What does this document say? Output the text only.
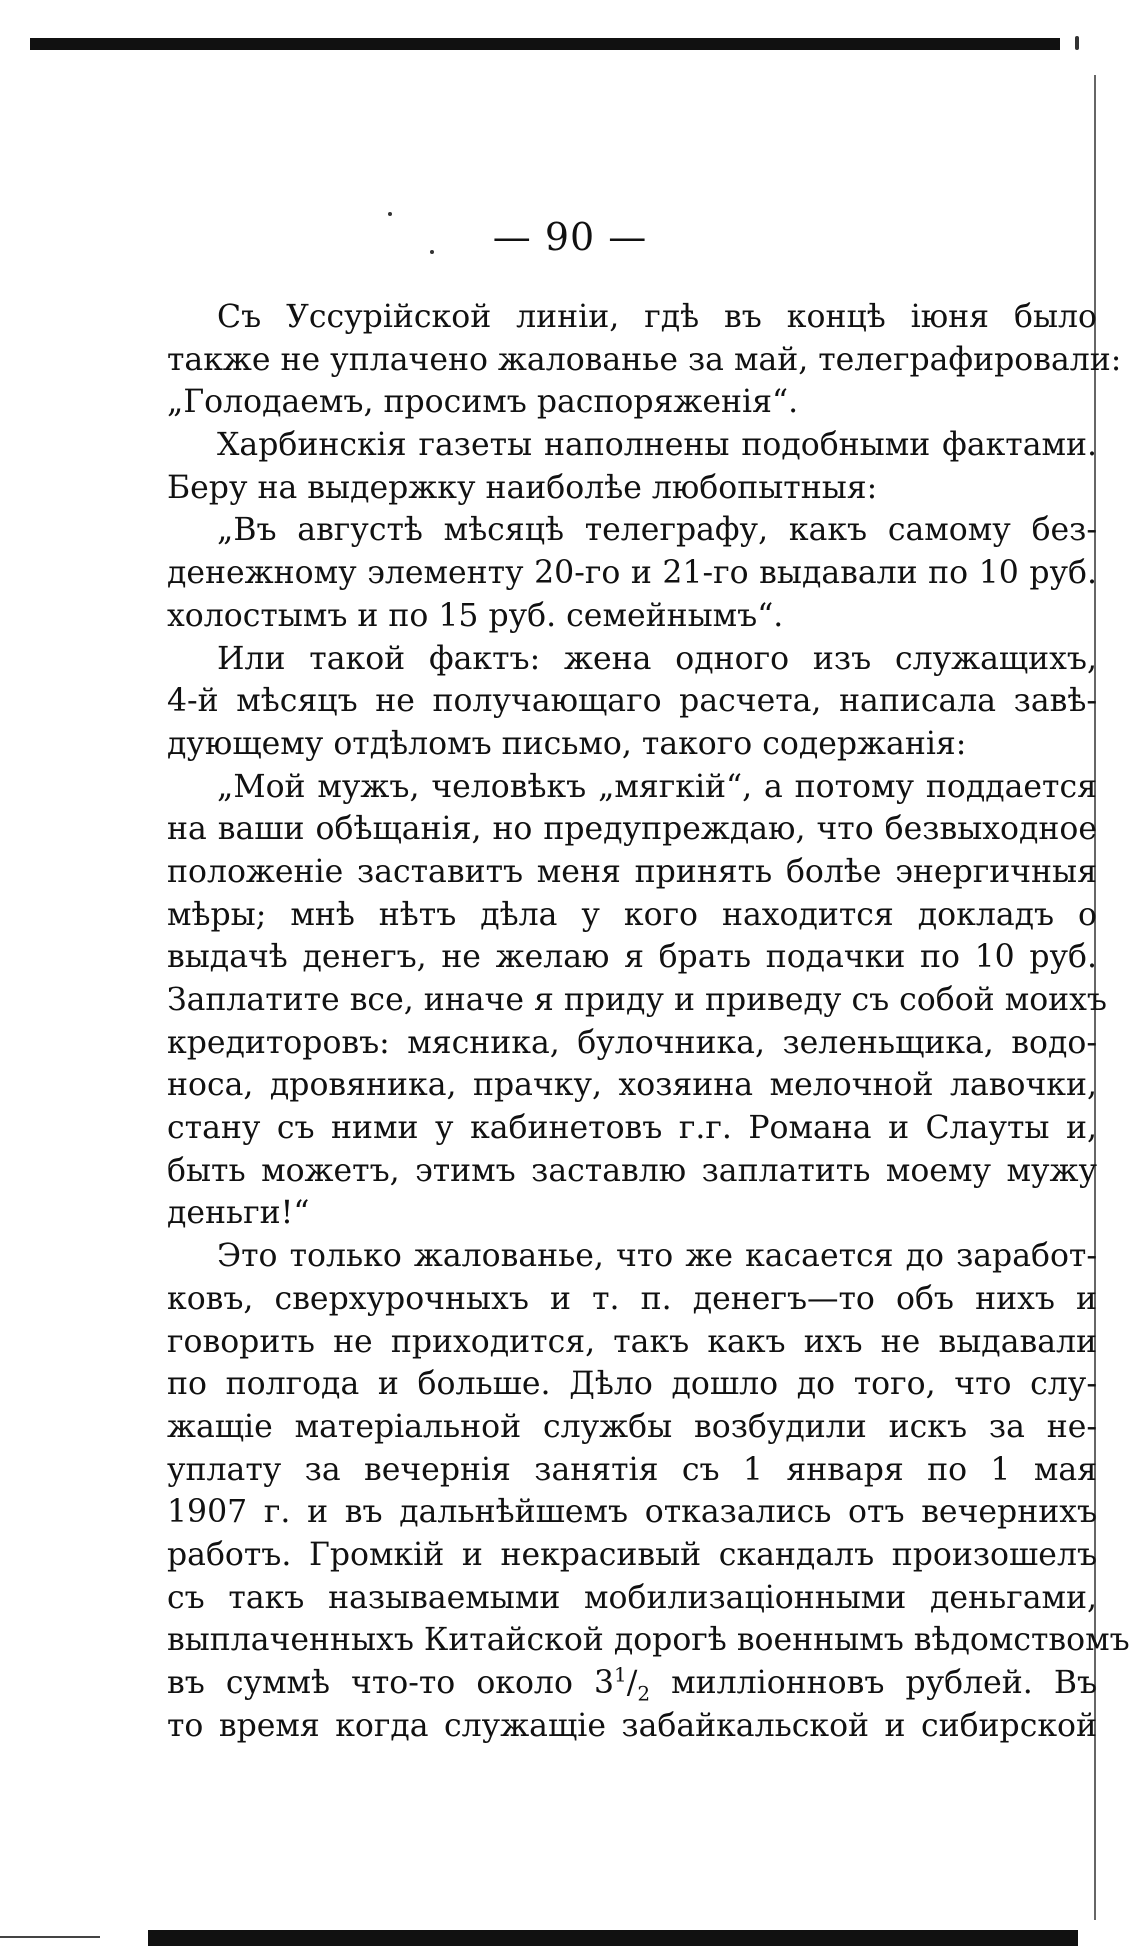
— 90 —
Съ Уссурiйской линiи, гдѣ въ концѣ iюня было
также не уплачено жалованье за май, телеграфировали:
„Голодаемъ, просимъ распоряженiя“.
Харбинскiя газеты наполнены подобными фактами.
Беру на выдержку наиболѣе любопытныя:
„Въ августѣ мѣсяцѣ телеграфу, какъ самому без-
денежному элементу 20-го и 21-го выдавали по 10 руб.
холостымъ и по 15 руб. семейнымъ“.
Или такой фактъ: жена одного изъ служащихъ,
4-й мѣсяцъ не получающаго расчета, написала завѣ-
дующему отдѣломъ письмо, такого содержанiя:
„Мой мужъ, человѣкъ „мягкiй“, а потому поддается
на ваши обѣщанiя, но предупреждаю, что безвыходное
положенiе заставитъ меня принять болѣе энергичныя
мѣры; мнѣ нѣтъ дѣла у кого находится докладъ о
выдачѣ денегъ, не желаю я брать подачки по 10 руб.
Заплатите все, иначе я приду и приведу съ собой моихъ
кредиторовъ: мясника, булочника, зеленьщика, водо-
носа, дровяника, прачку, хозяина мелочной лавочки,
стану съ ними у кабинетовъ г.г. Романа и Слауты и,
быть можетъ, этимъ заставлю заплатить моему мужу
деньги!“
Это только жалованье, что же касается до заработ-
ковъ, сверхурочныхъ и т. п. денегъ—то объ нихъ и
говорить не приходится, такъ какъ ихъ не выдавали
по полгода и больше. Дѣло дошло до того, что слу-
жащiе матерiальной службы возбудили искъ за не-
уплату за вечернiя занятiя съ 1 января по 1 мая
1907 г. и въ дальнѣйшемъ отказались отъ вечернихъ
работъ. Громкiй и некрасивый скандалъ произошелъ
съ такъ называемыми мобилизацiонными деньгами,
выплаченныхъ Китайской дорогѣ военнымъ вѣдомствомъ
въ суммѣ что-то около $3^1/_2$ миллiонновъ рублей. Въ
то время когда служащiе забайкальской и сибирской
